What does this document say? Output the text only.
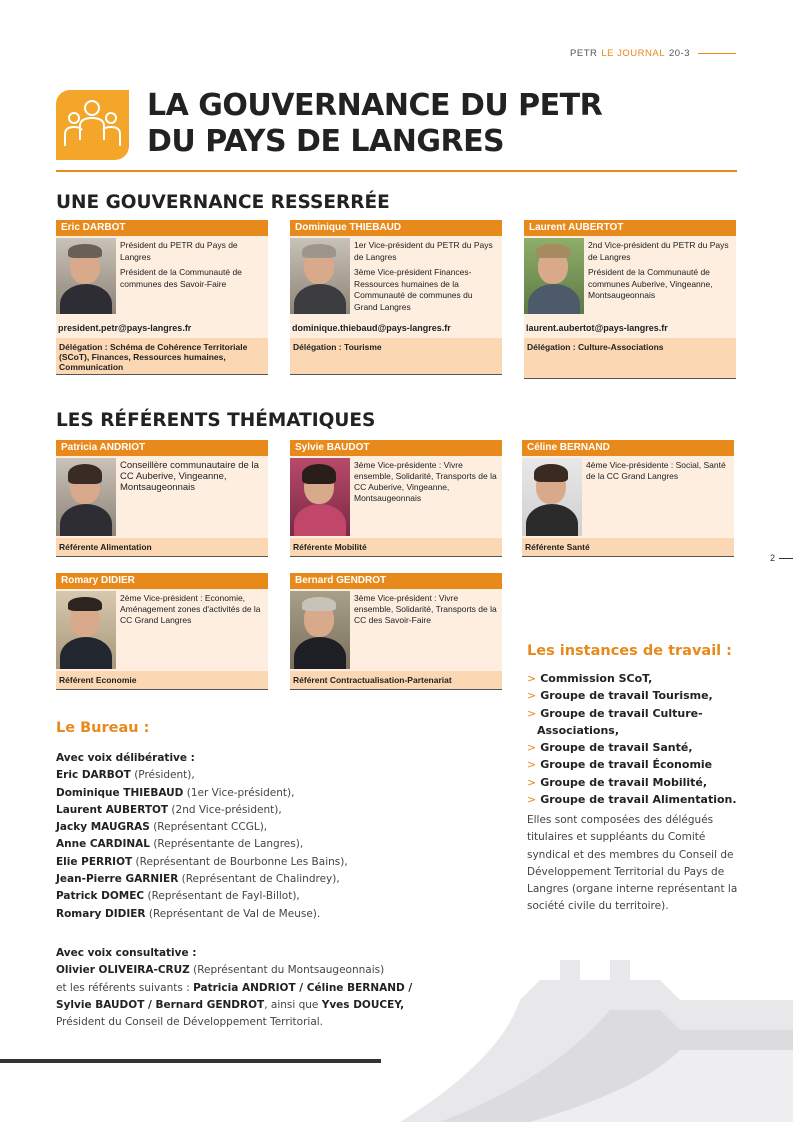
PETR LE JOURNAL 20-3
LA GOUVERNANCE DU PETR
DU PAYS DE LANGRES
UNE GOUVERNANCE RESSERRÉE
Eric DARBOT

Président du PETR du Pays de Langres

Président de la Communauté de communes des Savoir-Faire

president.petr@pays-langres.fr
Délégation : Schéma de Cohérence Territoriale (SCoT), Finances, Ressources humaines, Communication
Dominique THIEBAUD

1er Vice-président du PETR du Pays de Langres

3ème Vice-président Finances-Ressources humaines de la Communauté de communes du Grand Langres

dominique.thiebaud@pays-langres.fr
Délégation : Tourisme
Laurent AUBERTOT

2nd Vice-président du PETR du Pays de Langres

Président de la Communauté de communes Auberive, Vingeanne, Montsaugeonnais

laurent.aubertot@pays-langres.fr
Délégation : Culture-Associations
LES RÉFÉRENTS THÉMATIQUES
Patricia ANDRIOT
Conseillère communautaire de la CC Auberive, Vingeanne, Montsaugeonnais
Référente Alimentation
Sylvie BAUDOT
3ème Vice-présidente : Vivre ensemble, Solidarité, Transports de la CC Auberive, Vingeanne, Montsaugeonnais
Référente Mobilité
Céline BERNAND
4ème Vice-présidente : Social, Santé de la CC Grand Langres
Référente Santé
Romary DIDIER
2ème Vice-président : Economie, Aménagement zones d'activités de la CC Grand Langres
Référent Economie
Bernard GENDROT
3ème Vice-président : Vivre ensemble, Solidarité, Transports de la CC des Savoir-Faire
Référent Contractualisation-Partenariat
2
Les instances de travail :
> Commission SCoT,
> Groupe de travail Tourisme,
> Groupe de travail Culture-Associations,
> Groupe de travail Santé,
> Groupe de travail Économie
> Groupe de travail Mobilité,
> Groupe de travail Alimentation.
Elles sont composées des délégués titulaires et suppléants du Comité syndical et des membres du Conseil de Développement Territorial du Pays de Langres (organe interne représentant la société civile du territoire).
Le Bureau :
Avec voix délibérative :
Eric DARBOT (Président),
Dominique THIEBAUD (1er Vice-président),
Laurent AUBERTOT (2nd Vice-président),
Jacky MAUGRAS (Représentant CCGL),
Anne CARDINAL (Représentante de Langres),
Elie PERRIOT (Représentant de Bourbonne Les Bains),
Jean-Pierre GARNIER (Représentant de Chalindrey),
Patrick DOMEC (Représentant de Fayl-Billot),
Romary DIDIER (Représentant de Val de Meuse).
Avec voix consultative :
Olivier OLIVEIRA-CRUZ (Représentant du Montsaugeonnais)
et les référents suivants : Patricia ANDRIOT / Céline BERNAND /
Sylvie BAUDOT / Bernard GENDROT, ainsi que Yves DOUCEY,
Président du Conseil de Développement Territorial.
